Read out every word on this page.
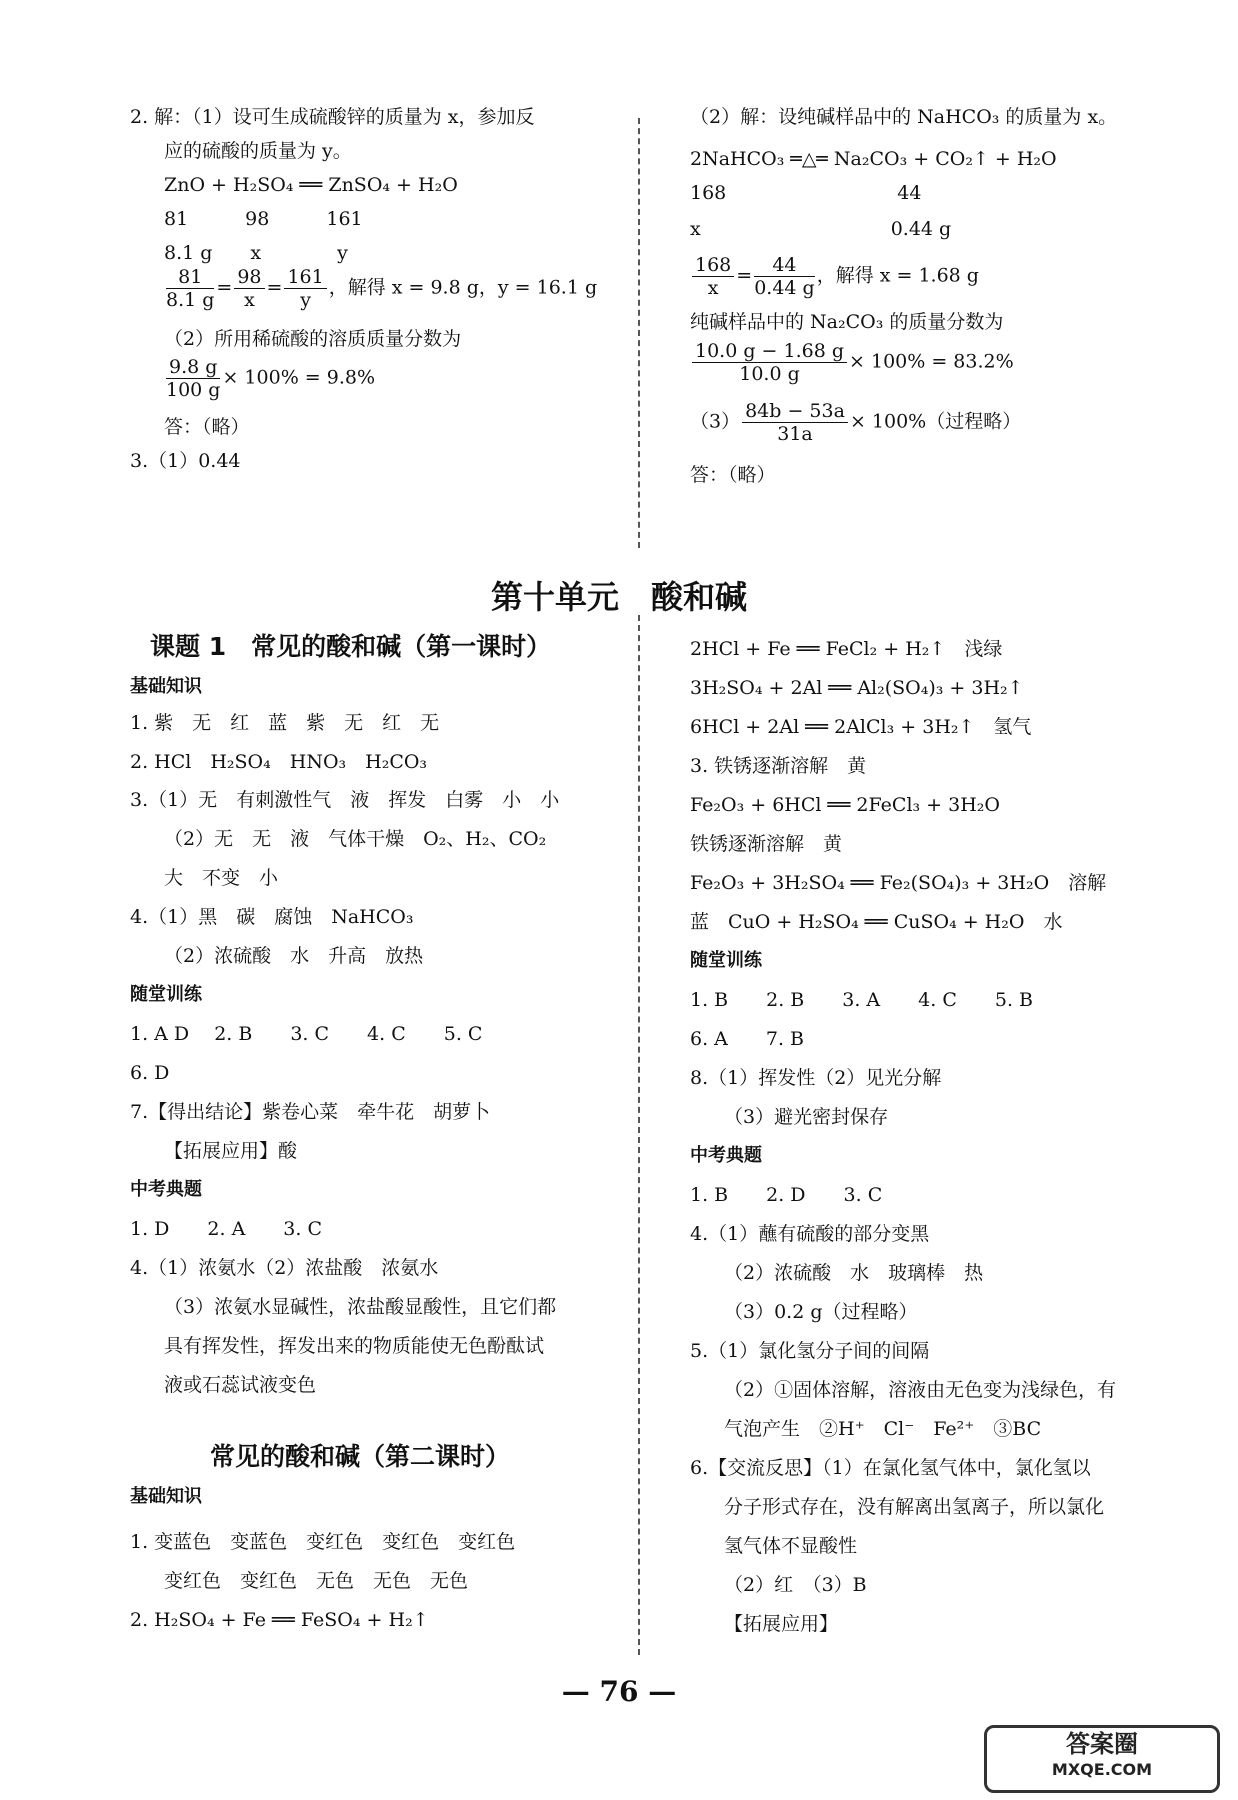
2. 解：（1）设可生成硫酸锌的质量为 x，参加反
应的硫酸的质量为 y。
ZnO + H₂SO₄ ══ ZnSO₄ + H₂O
81　　　98　　　161
8.1 g　　x　　　　y
$\frac{81}{8.1 g} = \frac{98}{x} = \frac{161}{y}$ ，解得 x = 9.8 g，y = 16.1 g
（2）所用稀硫酸的溶质质量分数为
$\frac{9.8 g}{100 g} \times 100\% = 9.8\%$
答：（略）
3.（1）0.44
（2）解：设纯碱样品中的 NaHCO₃ 的质量为 x。
2NaHCO₃ ═△═ Na₂CO₃ + CO₂↑ + H₂O
168　　　　　　　　　44
x　　　　　　　　　　0.44 g
$\frac{168}{x} = \frac{44}{0.44 g}$ ，解得 x = 1.68 g
纯碱样品中的 Na₂CO₃ 的质量分数为
$\frac{10.0 g - 1.68 g}{10.0 g} \times 100\% = 83.2\%$
$(3) \frac{84b - 53a}{31a} \times 100\%$（过程略）
答：（略）
第十单元　酸和碱
课题 1　常见的酸和碱（第一课时）
基础知识
1. 紫　无　红　蓝　紫　无　红　无
2. HCl　H₂SO₄　HNO₃　H₂CO₃
3.（1）无　有刺激性气　液　挥发　白雾　小　小
（2）无　无　液　气体干燥　O₂、H₂、CO₂
大　不变　小
4.（1）黑　碳　腐蚀　NaHCO₃
（2）浓硫酸　水　升高　放热
随堂训练
1. A D　 2. B　　3. C　　4. C　　5. C
6. D
7.【得出结论】紫卷心菜　牵牛花　胡萝卜
【拓展应用】酸
中考典题
1. D　　2. A　　3. C
4.（1）浓氨水（2）浓盐酸　浓氨水
（3）浓氨水显碱性，浓盐酸显酸性，且它们都
具有挥发性，挥发出来的物质能使无色酚酞试
液或石蕊试液变色
常见的酸和碱（第二课时）
基础知识
1. 变蓝色　变蓝色　变红色　变红色　变红色
变红色　变红色　无色　无色　无色
2. H₂SO₄ + Fe ══ FeSO₄ + H₂↑
2HCl + Fe ══ FeCl₂ + H₂↑　浅绿
3H₂SO₄ + 2Al ══ Al₂(SO₄)₃ + 3H₂↑
6HCl + 2Al ══ 2AlCl₃ + 3H₂↑　氢气
3. 铁锈逐渐溶解　黄
Fe₂O₃ + 6HCl ══ 2FeCl₃ + 3H₂O
铁锈逐渐溶解　黄
Fe₂O₃ + 3H₂SO₄ ══ Fe₂(SO₄)₃ + 3H₂O　溶解
蓝　CuO + H₂SO₄ ══ CuSO₄ + H₂O　水
随堂训练
1. B　　2. B　　3. A　　4. C　　5. B
6. A　　7. B
8.（1）挥发性（2）见光分解
（3）避光密封保存
中考典题
1. B　　2. D　　3. C
4.（1）蘸有硫酸的部分变黑
（2）浓硫酸　水　玻璃棒　热
（3）0.2 g（过程略）
5.（1）氯化氢分子间的间隔
（2）①固体溶解，溶液由无色变为浅绿色，有
气泡产生　②H⁺　Cl⁻　Fe²⁺　③BC
6.【交流反思】（1）在氯化氢气体中，氯化氢以
分子形式存在，没有解离出氢离子，所以氯化
氢气体不显酸性
（2）红　（3）B
【拓展应用】
— 76 —
答案圈
MXQE.COM
